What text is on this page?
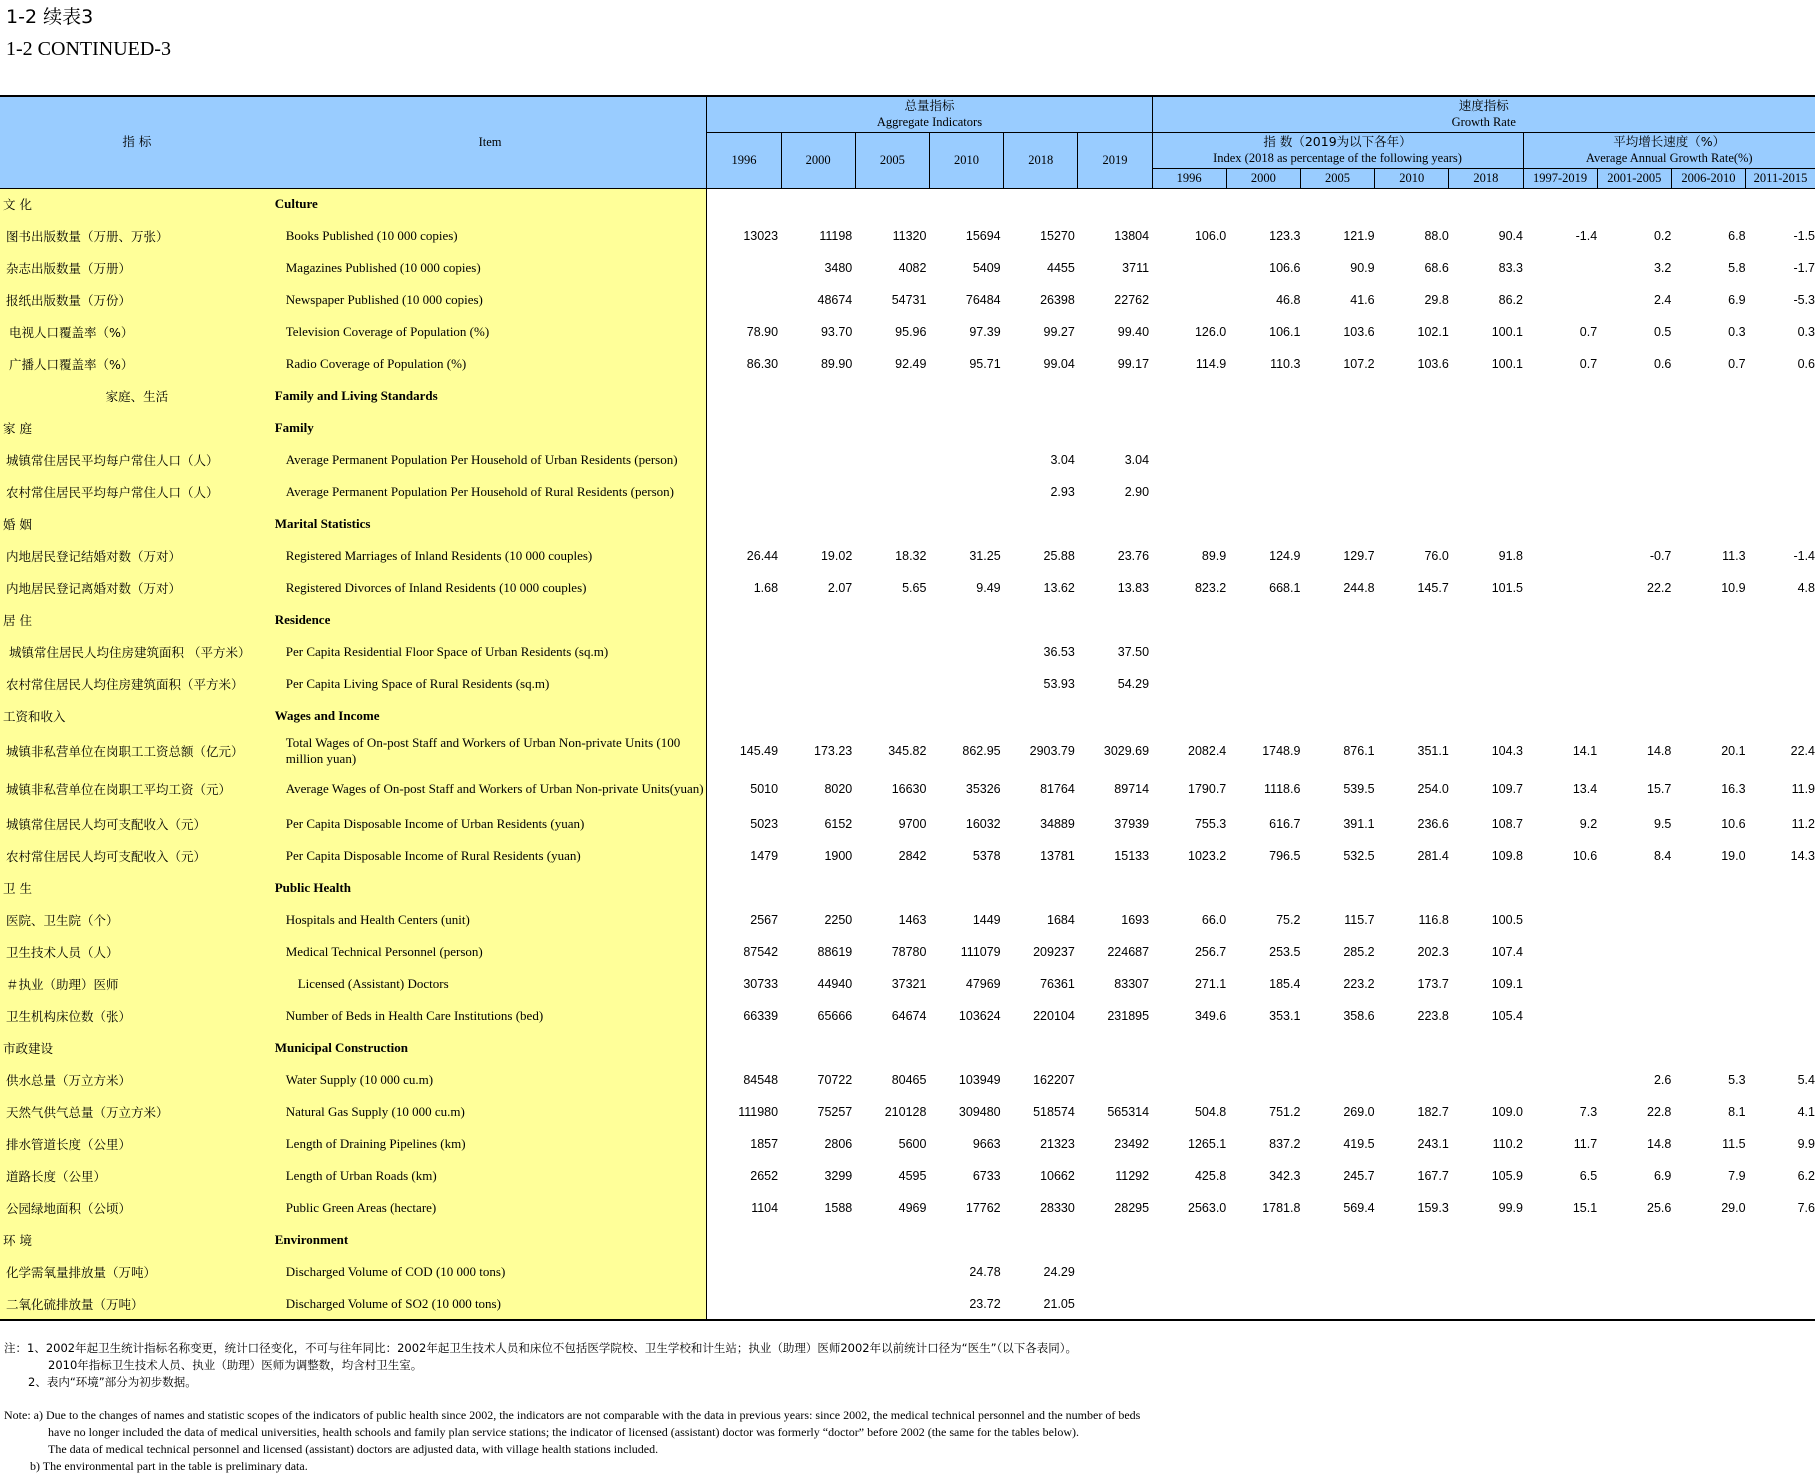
1-2 续表3
1-2 CONTINUED-3
指 标	Item	总量指标
Aggregate Indicators						速度指标
Growth Rate								
		1996	2000	2005	2010	2018	2019	指 数（2019为以下各年）
Index (2018 as percentage of the following years)					平均增长速度（%）
Average Annual Growth Rate(%)			
								1996	2000	2005	2010	2018	1997-2019	2001-2005	2006-2010	2011-2015
文 化	Culture															
图书出版数量（万册、万张）	Books Published (10 000 copies)	13023	11198	11320	15694	15270	13804	106.0	123.3	121.9	88.0	90.4	-1.4	0.2	6.8	-1.5
杂志出版数量（万册）	Magazines Published (10 000 copies)		3480	4082	5409	4455	3711		106.6	90.9	68.6	83.3		3.2	5.8	-1.7
报纸出版数量（万份）	Newspaper Published (10 000 copies)		48674	54731	76484	26398	22762		46.8	41.6	29.8	86.2		2.4	6.9	-5.3
电视人口覆盖率（%）	Television Coverage of Population (%)	78.90	93.70	95.96	97.39	99.27	99.40	126.0	106.1	103.6	102.1	100.1	0.7	0.5	0.3	0.3
广播人口覆盖率（%）	Radio Coverage of Population (%)	86.30	89.90	92.49	95.71	99.04	99.17	114.9	110.3	107.2	103.6	100.1	0.7	0.6	0.7	0.6
家庭、生活	Family and Living Standards															
家 庭	Family															
城镇常住居民平均每户常住人口（人）	Average Permanent Population Per Household of Urban Residents (person)					3.04	3.04									
农村常住居民平均每户常住人口（人）	Average Permanent Population Per Household of Rural Residents (person)					2.93	2.90									
婚 姻	Marital Statistics															
内地居民登记结婚对数（万对）	Registered Marriages of Inland Residents (10 000 couples)	26.44	19.02	18.32	31.25	25.88	23.76	89.9	124.9	129.7	76.0	91.8		-0.7	11.3	-1.4
内地居民登记离婚对数（万对）	Registered Divorces of Inland Residents (10 000 couples)	1.68	2.07	5.65	9.49	13.62	13.83	823.2	668.1	244.8	145.7	101.5		22.2	10.9	4.8
居 住	Residence															
城镇常住居民人均住房建筑面积 （平方米）	Per Capita Residential Floor Space of Urban Residents (sq.m)					36.53	37.50									
农村常住居民人均住房建筑面积（平方米）	Per Capita Living Space of Rural Residents (sq.m)					53.93	54.29									
工资和收入	Wages and Income															
城镇非私营单位在岗职工工资总额（亿元）	Total Wages of On-post Staff and Workers of Urban Non-private Units (100 million yuan)	145.49	173.23	345.82	862.95	2903.79	3029.69	2082.4	1748.9	876.1	351.1	104.3	14.1	14.8	20.1	22.4
城镇非私营单位在岗职工平均工资（元）	Average Wages of On-post Staff and Workers of Urban Non-private Units(yuan)	5010	8020	16630	35326	81764	89714	1790.7	1118.6	539.5	254.0	109.7	13.4	15.7	16.3	11.9
城镇常住居民人均可支配收入（元）	Per Capita Disposable Income of Urban Residents (yuan)	5023	6152	9700	16032	34889	37939	755.3	616.7	391.1	236.6	108.7	9.2	9.5	10.6	11.2
农村常住居民人均可支配收入（元）	Per Capita Disposable Income of Rural Residents (yuan)	1479	1900	2842	5378	13781	15133	1023.2	796.5	532.5	281.4	109.8	10.6	8.4	19.0	14.3
卫 生	Public Health															
医院、卫生院（个）	Hospitals and Health Centers (unit)	2567	2250	1463	1449	1684	1693	66.0	75.2	115.7	116.8	100.5				
卫生技术人员（人）	Medical Technical Personnel (person)	87542	88619	78780	111079	209237	224687	256.7	253.5	285.2	202.3	107.4				
＃执业（助理）医师	Licensed (Assistant) Doctors	30733	44940	37321	47969	76361	83307	271.1	185.4	223.2	173.7	109.1				
卫生机构床位数（张）	Number of Beds in Health Care Institutions (bed)	66339	65666	64674	103624	220104	231895	349.6	353.1	358.6	223.8	105.4				
市政建设	Municipal Construction															
供水总量（万立方米）	Water Supply (10 000 cu.m)	84548	70722	80465	103949	162207								2.6	5.3	5.4
天然气供气总量（万立方米）	Natural Gas Supply (10 000 cu.m)	111980	75257	210128	309480	518574	565314	504.8	751.2	269.0	182.7	109.0	7.3	22.8	8.1	4.1
排水管道长度（公里）	Length of Draining Pipelines (km)	1857	2806	5600	9663	21323	23492	1265.1	837.2	419.5	243.1	110.2	11.7	14.8	11.5	9.9
道路长度（公里）	Length of Urban Roads (km)	2652	3299	4595	6733	10662	11292	425.8	342.3	245.7	167.7	105.9	6.5	6.9	7.9	6.2
公园绿地面积（公顷）	Public Green Areas (hectare)	1104	1588	4969	17762	28330	28295	2563.0	1781.8	569.4	159.3	99.9	15.1	25.6	29.0	7.6
环 境	Environment															
化学需氧量排放量（万吨）	Discharged Volume of COD (10 000 tons)				24.78	24.29										
二氧化硫排放量（万吨）	Discharged Volume of SO2 (10 000 tons)				23.72	21.05										
注：1、2002年起卫生统计指标名称变更，统计口径变化，不可与往年同比：2002年起卫生技术人员和床位不包括医学院校、卫生学校和计生站；执业（助理）医师2002年以前统计口径为“医生”（以下各表同）。
2010年指标卫生技术人员、执业（助理）医师为调整数，均含村卫生室。
2、表内“环境”部分为初步数据。
Note: a) Due to the changes of names and statistic scopes of the indicators of public health since 2002, the indicators are not comparable with the data in previous years: since 2002, the medical technical personnel and the number of beds
have no longer included the data of medical universities, health schools and family plan service stations; the indicator of licensed (assistant) doctor was formerly “doctor” before 2002 (the same for the tables below).
The data of medical technical personnel and licensed (assistant) doctors are adjusted data, with village health stations included.
b) The environmental part in the table is preliminary data.
